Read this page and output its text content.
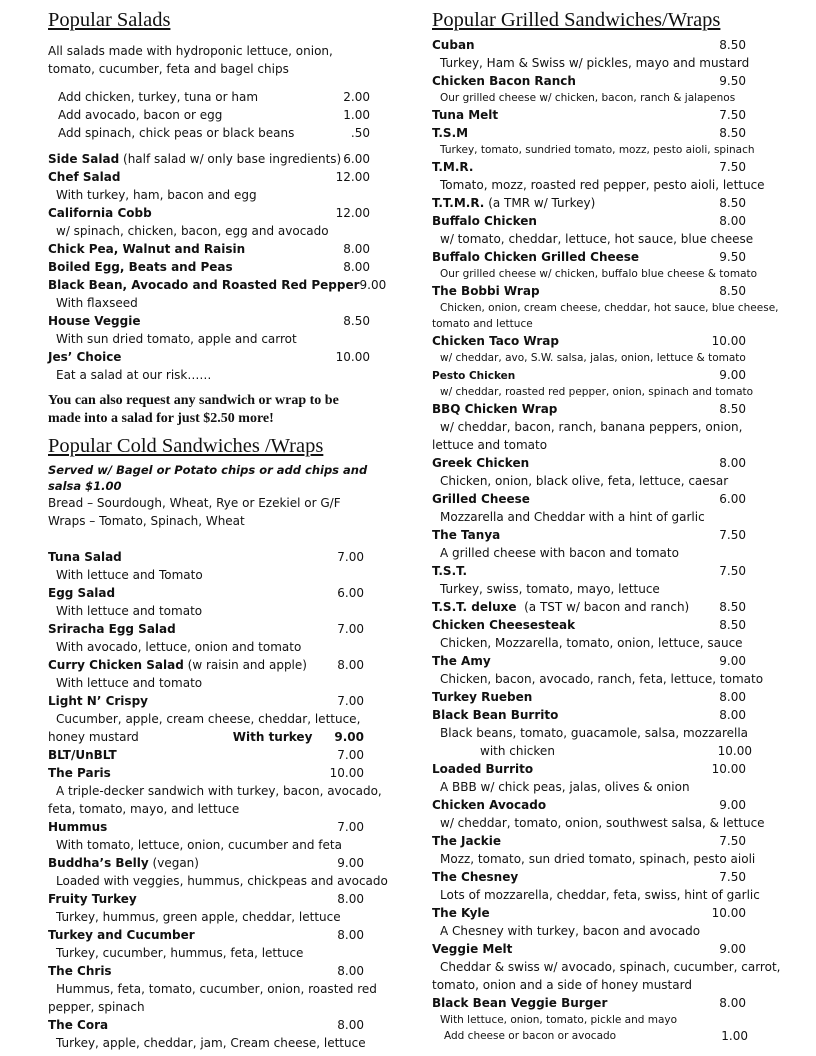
Popular Salads
All salads made with hydroponic lettuce, onion, tomato, cucumber, feta and bagel chips
Add chicken, turkey, tuna or ham	2.00
Add avocado, bacon or egg	1.00
Add spinach, chick peas or black beans	.50
Side Salad (half salad w/ only base ingredients) 6.00
Chef Salad	12.00
With turkey, ham, bacon and egg
California Cobb	12.00
w/ spinach, chicken, bacon, egg and avocado
Chick Pea, Walnut and Raisin	8.00
Boiled Egg, Beats and Peas	8.00
Black Bean, Avocado and Roasted Red Pepper 9.00
With flaxseed
House Veggie	8.50
With sun dried tomato, apple and carrot
Jes’ Choice	10.00
Eat a salad at our risk……
You can also request any sandwich or wrap to be made into a salad for just $2.50 more!
Popular Cold Sandwiches /Wraps
Served w/ Bagel or Potato chips or add chips and salsa $1.00
Bread – Sourdough, Wheat, Rye or Ezekiel or G/F Wraps – Tomato, Spinach, Wheat
Tuna Salad	7.00
With lettuce and Tomato
Egg Salad	6.00
With lettuce and tomato
Sriracha Egg Salad	7.00
With avocado, lettuce, onion and tomato
Curry Chicken Salad (w raisin and apple)	8.00
With lettuce and tomato
Light N’ Crispy	7.00
Cucumber, apple, cream cheese, cheddar, lettuce,
honey mustard	With turkey 9.00
BLT/UnBLT	7.00
The Paris	10.00
A triple-decker sandwich with turkey, bacon, avocado, feta, tomato, mayo, and lettuce
Hummus	7.00
With tomato, lettuce, onion, cucumber and feta
Buddha’s Belly (vegan)	9.00
Loaded with veggies, hummus, chickpeas and avocado
Fruity Turkey	8.00
Turkey, hummus, green apple, cheddar, lettuce
Turkey and Cucumber	8.00
Turkey, cucumber, hummus, feta, lettuce
The Chris	8.00
Hummus, feta, tomato, cucumber, onion, roasted red pepper, spinach
The Cora	8.00
Turkey, apple, cheddar, jam, Cream cheese, lettuce
Popular Grilled Sandwiches/Wraps
Cuban	8.50
Turkey, Ham & Swiss w/ pickles, mayo and mustard
Chicken Bacon Ranch	9.50
Our grilled cheese w/ chicken, bacon, ranch & jalapenos
Tuna Melt	7.50
T.S.M	8.50
Turkey, tomato, sundried tomato, mozz, pesto aioli, spinach
T.M.R.	7.50
Tomato, mozz, roasted red pepper, pesto aioli, lettuce
T.T.M.R. (a TMR w/ Turkey)	8.50
Buffalo Chicken	8.00
w/ tomato, cheddar, lettuce, hot sauce, blue cheese
Buffalo Chicken Grilled Cheese	9.50
Our grilled cheese w/ chicken, buffalo blue cheese & tomato
The Bobbi Wrap	8.50
Chicken, onion, cream cheese, cheddar, hot sauce, blue cheese, tomato and lettuce
Chicken Taco Wrap	10.00
w/ cheddar, avo, S.W. salsa, jalas, onion, lettuce & tomato
Pesto Chicken	9.00
w/ cheddar, roasted red pepper, onion, spinach and tomato
BBQ Chicken Wrap	8.50
w/ cheddar, bacon, ranch, banana peppers, onion, lettuce and tomato
Greek Chicken	8.00
Chicken, onion, black olive, feta, lettuce, caesar
Grilled Cheese	6.00
Mozzarella and Cheddar with a hint of garlic
The Tanya	7.50
A grilled cheese with bacon and tomato
T.S.T.	7.50
Turkey, swiss, tomato, mayo, lettuce
T.S.T. deluxe  (a TST w/ bacon and ranch)	8.50
Chicken Cheesesteak	8.50
Chicken, Mozzarella, tomato, onion, lettuce, sauce
The Amy	9.00
Chicken, bacon, avocado, ranch, feta, lettuce, tomato
Turkey Rueben	8.00
Black Bean Burrito	8.00
Black beans, tomato, guacamole, salsa, mozzarella
with chicken	10.00
Loaded Burrito	10.00
A BBB w/ chick peas, jalas, olives & onion
Chicken Avocado	9.00
w/ cheddar, tomato, onion, southwest salsa, & lettuce
The Jackie	7.50
Mozz, tomato, sun dried tomato, spinach, pesto aioli
The Chesney	7.50
Lots of mozzarella, cheddar, feta, swiss, hint of garlic
The Kyle	10.00
A Chesney with turkey, bacon and avocado
Veggie Melt	9.00
Cheddar & swiss w/ avocado, spinach, cucumber, carrot, tomato, onion and a side of honey mustard
Black Bean Veggie Burger	8.00
With lettuce, onion, tomato, pickle and mayo
Add cheese or bacon or avocado	1.00
